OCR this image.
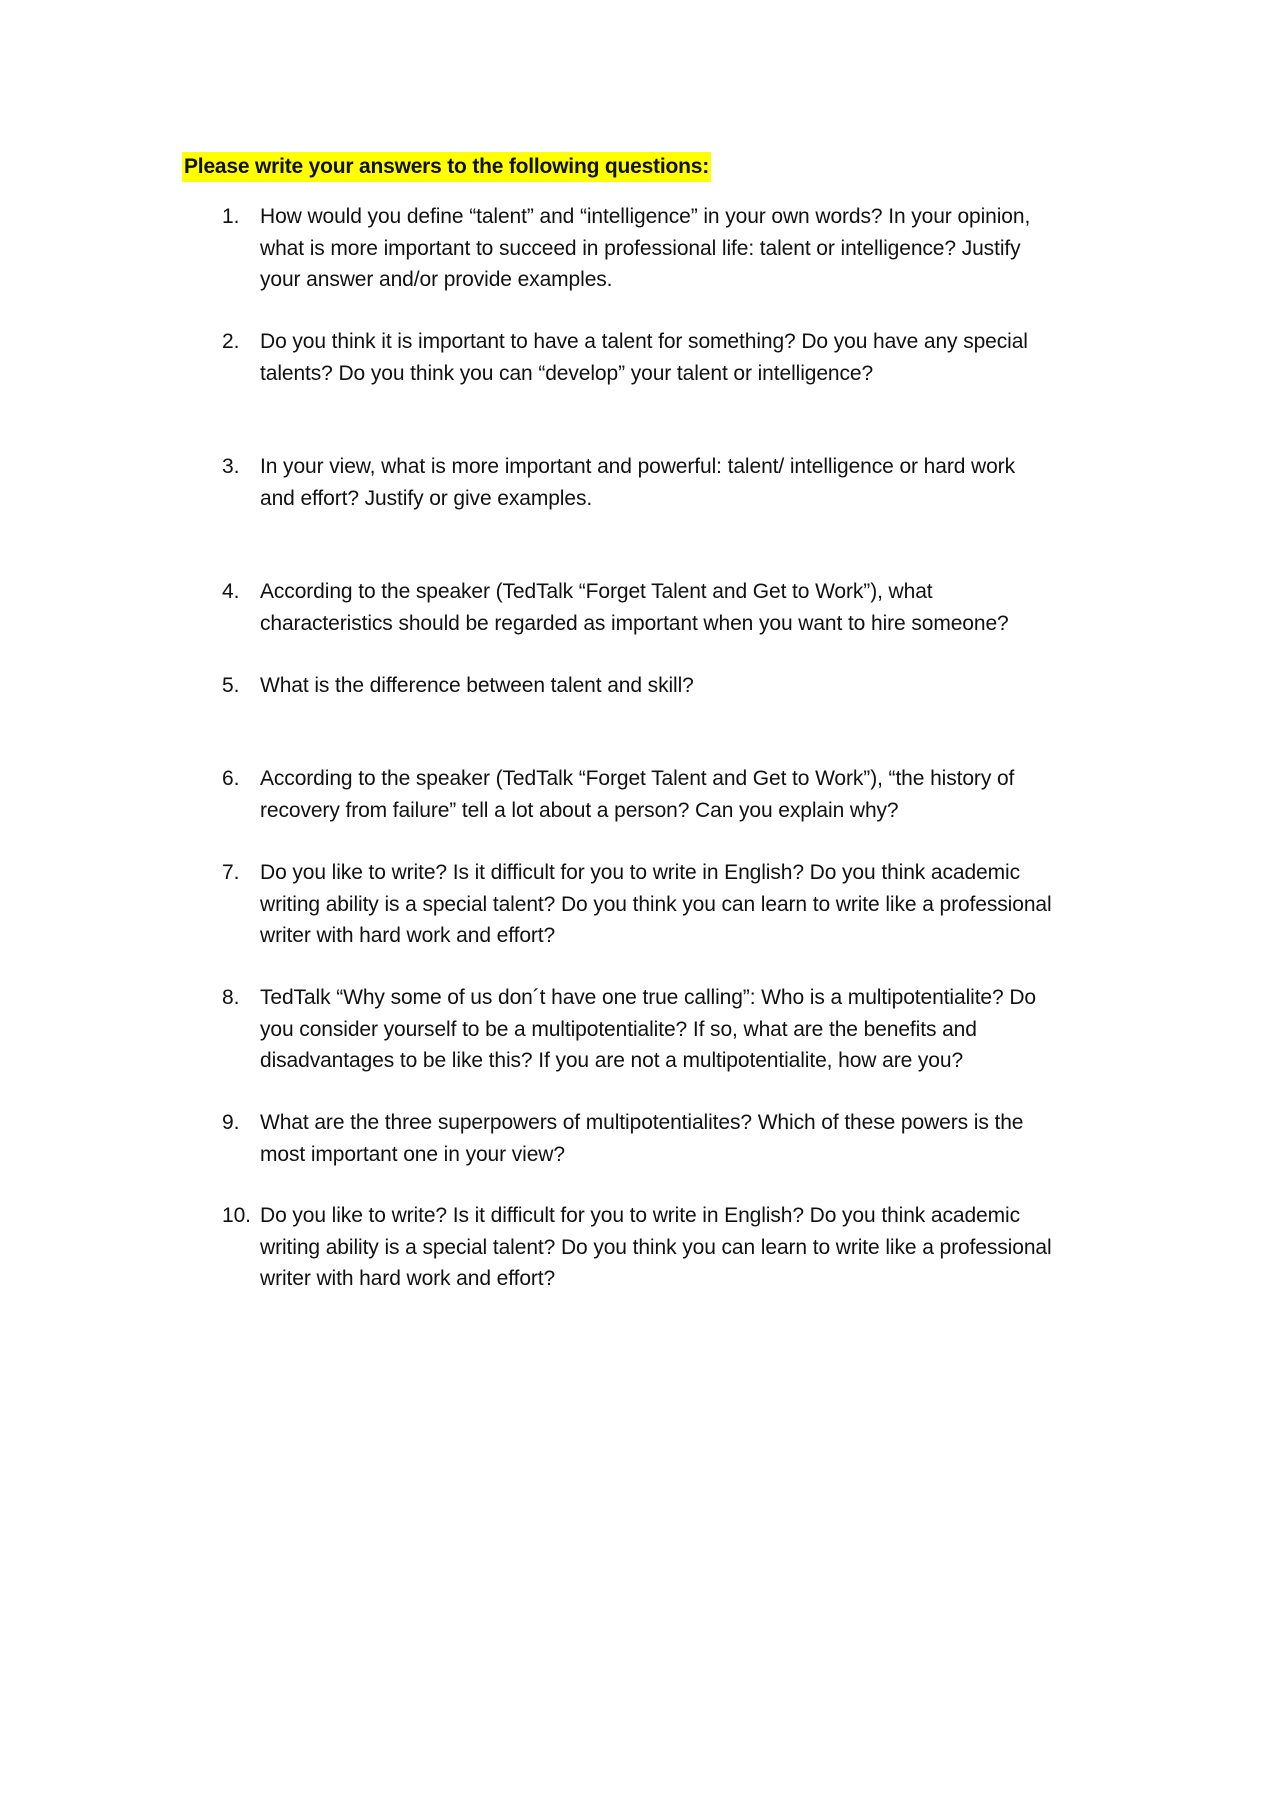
Please write your answers to the following questions:
1. How would you define “talent” and “intelligence” in your own words? In your opinion,
what is more important to succeed in professional life: talent or intelligence? Justify
your answer and/or provide examples.
2. Do you think it is important to have a talent for something? Do you have any special
talents? Do you think you can “develop” your talent or intelligence?
3. In your view, what is more important and powerful: talent/ intelligence or hard work
and effort? Justify or give examples.
4. According to the speaker (TedTalk “Forget Talent and Get to Work”), what
characteristics should be regarded as important when you want to hire someone?
5. What is the difference between talent and skill?
6. According to the speaker (TedTalk “Forget Talent and Get to Work”), “the history of
recovery from failure” tell a lot about a person? Can you explain why?
7. Do you like to write? Is it difficult for you to write in English? Do you think academic
writing ability is a special talent? Do you think you can learn to write like a professional
writer with hard work and effort?
8. TedTalk “Why some of us don´t have one true calling”: Who is a multipotentialite? Do
you consider yourself to be a multipotentialite? If so, what are the benefits and
disadvantages to be like this? If you are not a multipotentialite, how are you?
9. What are the three superpowers of multipotentialites? Which of these powers is the
most important one in your view?
10. Do you like to write? Is it difficult for you to write in English? Do you think academic
writing ability is a special talent? Do you think you can learn to write like a professional
writer with hard work and effort?
